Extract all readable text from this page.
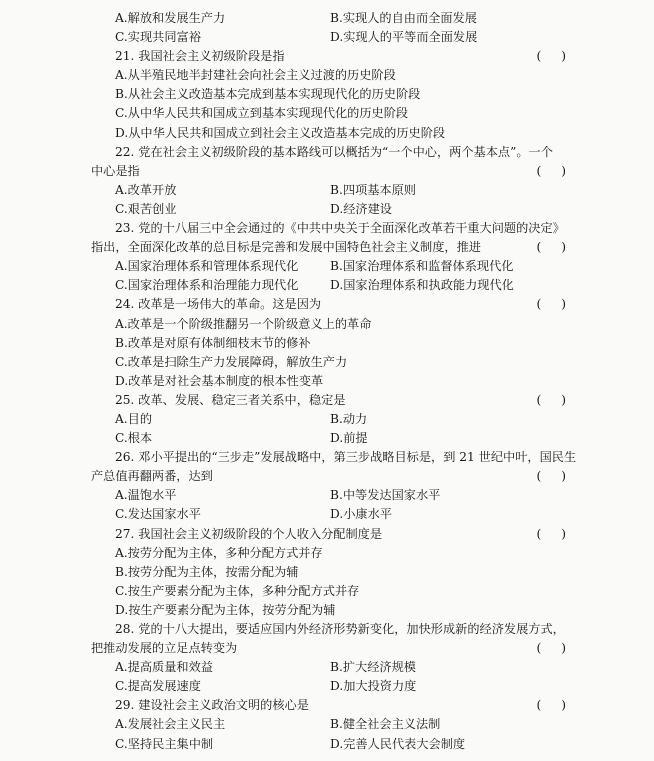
A.解放和发展生产力	B.实现人的自由而全面发展
C.实现共同富裕	D.实现人的平等而全面发展
21. 我国社会主义初级阶段是指	( )
A.从半殖民地半封建社会向社会主义过渡的历史阶段
B.从社会主义改造基本完成到基本实现现代化的历史阶段
C.从中华人民共和国成立到基本实现现代化的历史阶段
D.从中华人民共和国成立到社会主义改造基本完成的历史阶段
22. 党在社会主义初级阶段的基本路线可以概括为“一个中心，两个基本点”。一个
中心是指	( )
A.改革开放	B.四项基本原则
C.艰苦创业	D.经济建设
23. 党的十八届三中全会通过的《中共中央关于全面深化改革若干重大问题的决定》
指出，全面深化改革的总目标是完善和发展中国特色社会主义制度，推进	( )
A.国家治理体系和管理体系现代化	B.国家治理体系和监督体系现代化
C.国家治理体系和治理能力现代化	D.国家治理体系和执政能力现代化
24. 改革是一场伟大的革命。这是因为	( )
A.改革是一个阶级推翻另一个阶级意义上的革命
B.改革是对原有体制细枝末节的修补
C.改革是扫除生产力发展障碍，解放生产力
D.改革是对社会基本制度的根本性变革
25. 改革、发展、稳定三者关系中，稳定是	( )
A.目的	B.动力
C.根本	D.前提
26. 邓小平提出的“三步走”发展战略中，第三步战略目标是，到 21 世纪中叶，国民生
产总值再翻两番，达到	( )
A.温饱水平	B.中等发达国家水平
C.发达国家水平	D.小康水平
27. 我国社会主义初级阶段的个人收入分配制度是	( )
A.按劳分配为主体，多种分配方式并存
B.按劳分配为主体，按需分配为辅
C.按生产要素分配为主体，多种分配方式并存
D.按生产要素分配为主体，按劳分配为辅
28. 党的十八大提出，要适应国内外经济形势新变化，加快形成新的经济发展方式，
把推动发展的立足点转变为	( )
A.提高质量和效益	B.扩大经济规模
C.提高发展速度	D.加大投资力度
29. 建设社会主义政治文明的核心是	( )
A.发展社会主义民主	B.健全社会主义法制
C.坚持民主集中制	D.完善人民代表大会制度
